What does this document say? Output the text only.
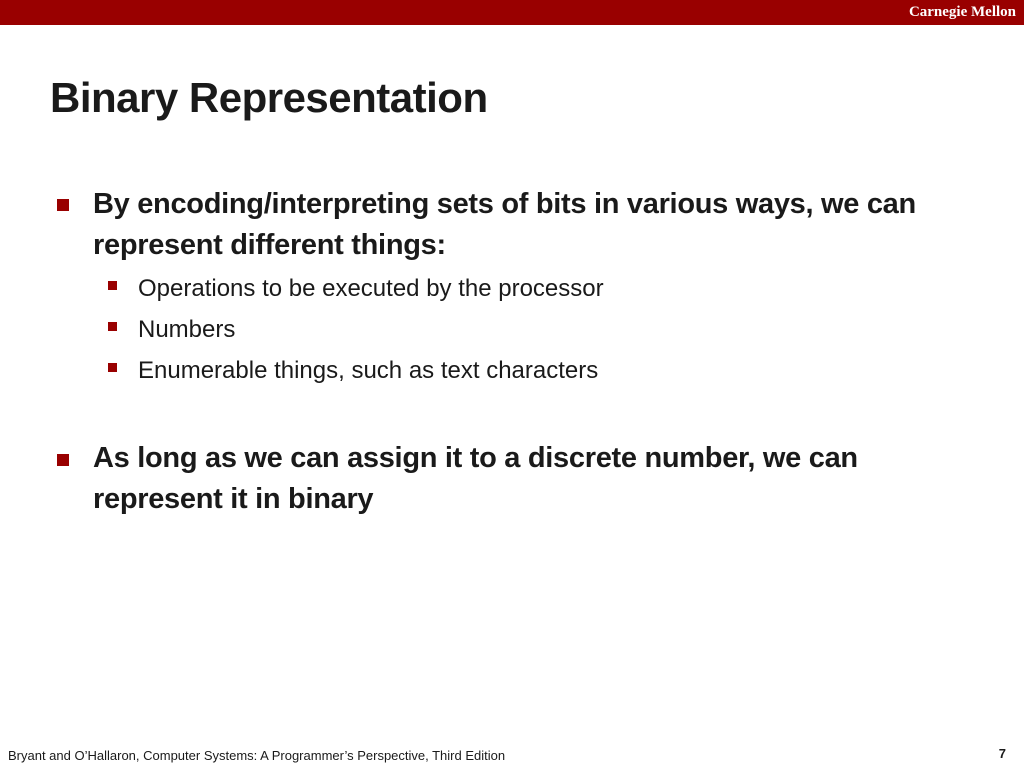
Carnegie Mellon
Binary Representation
By encoding/interpreting sets of bits in various ways, we can represent different things:
Operations to be executed by the processor
Numbers
Enumerable things, such as text characters
As long as we can assign it to a discrete number, we can represent it in binary
Bryant and O’Hallaron, Computer Systems: A Programmer’s Perspective, Third Edition	7
